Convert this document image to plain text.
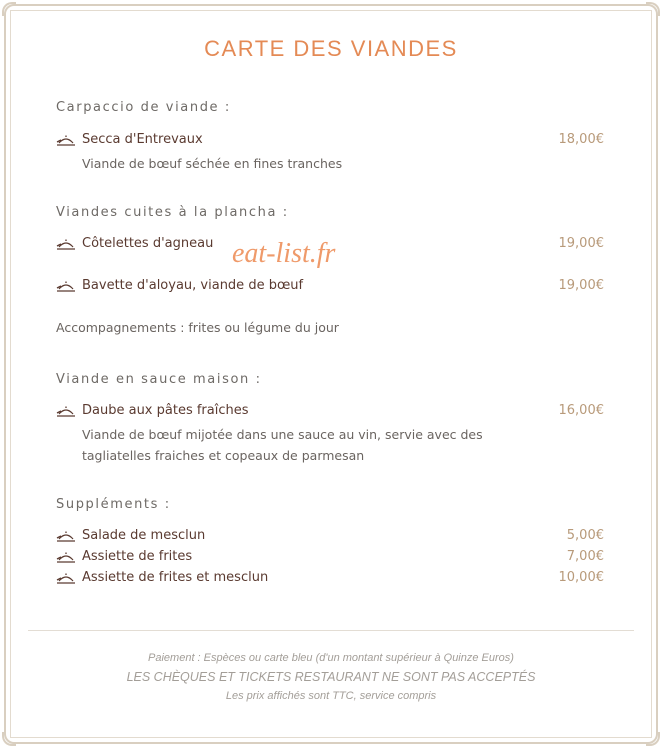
CARTE DES VIANDES
Carpaccio de viande :
Secca d'Entrevaux	18,00€
Viande de bœuf séchée en fines tranches
Viandes cuites à la plancha :
Côtelettes d'agneau	19,00€
Bavette d'aloyau, viande de bœuf	19,00€
Accompagnements : frites ou légume du jour
Viande en sauce maison :
Daube aux pâtes fraîches	16,00€
Viande de bœuf mijotée dans une sauce au vin, servie avec des
tagliatelles fraiches et copeaux de parmesan
Suppléments :
Salade de mesclun	5,00€
Assiette de frites	7,00€
Assiette de frites et mesclun	10,00€
eat-list.fr
Paiement : Espèces ou carte bleu (d'un montant supérieur à Quinze Euros)
LES CHÈQUES ET TICKETS RESTAURANT NE SONT PAS ACCEPTÉS
Les prix affichés sont TTC, service compris
